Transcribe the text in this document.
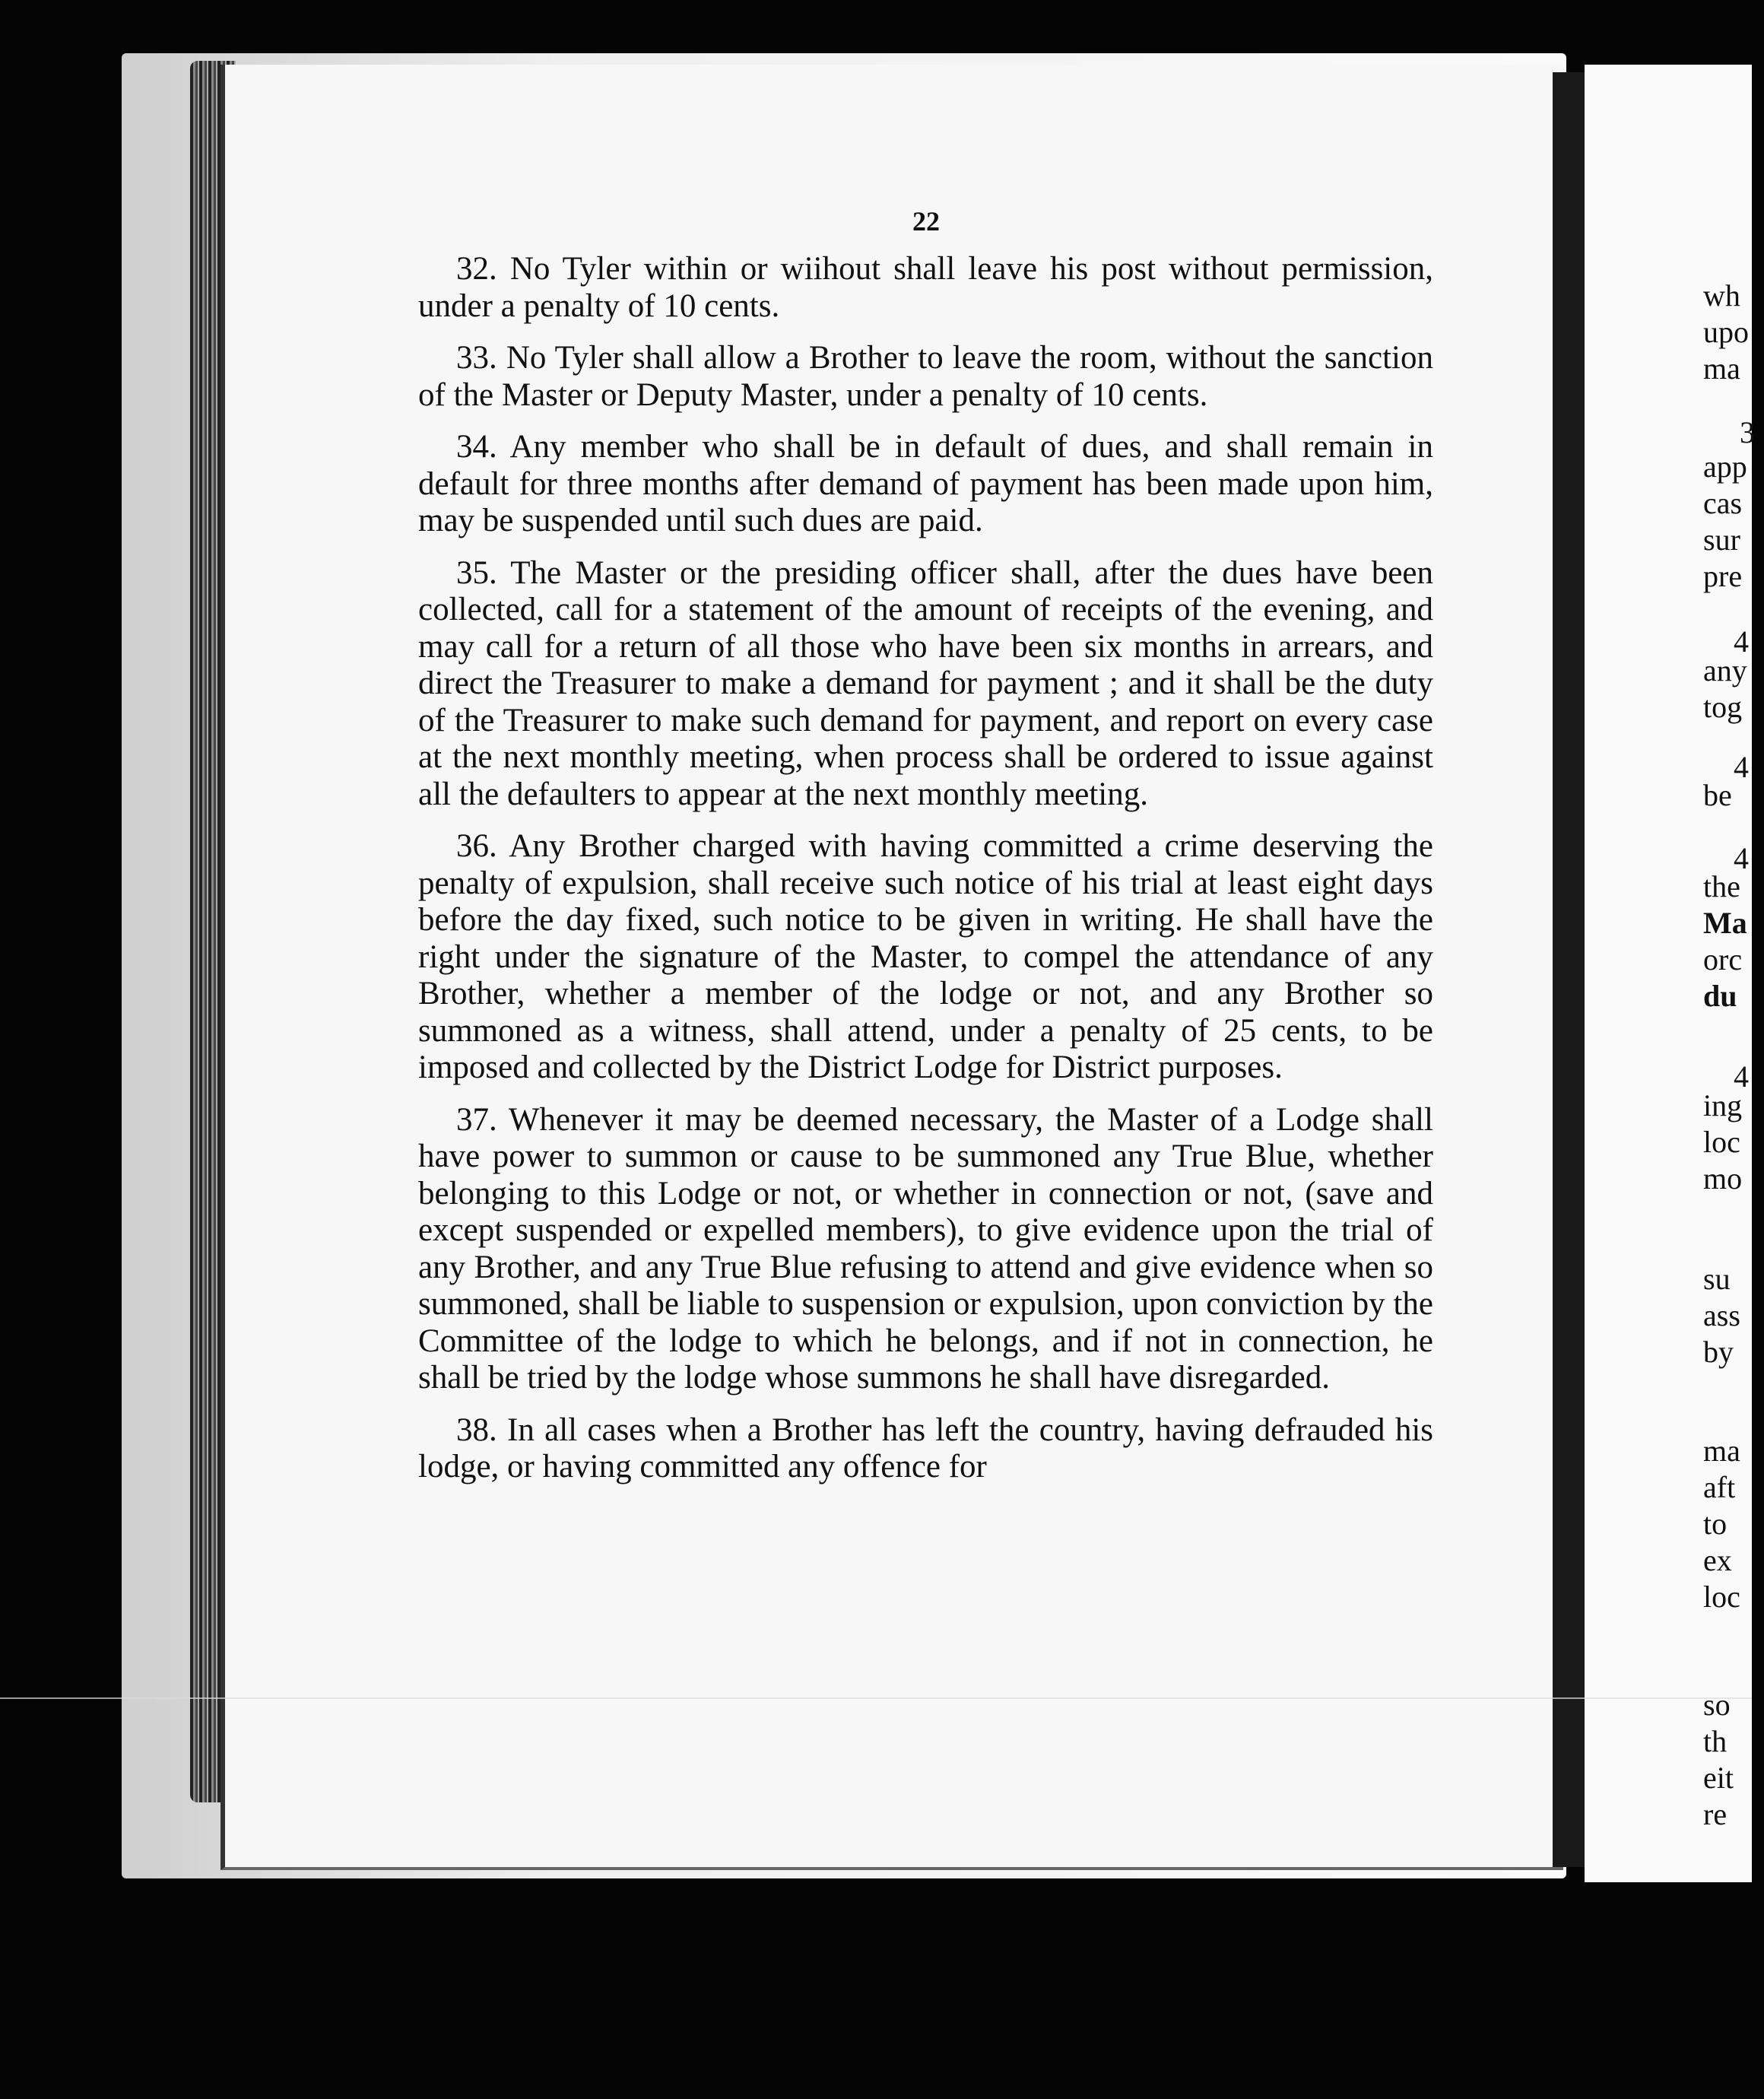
22

32. No Tyler within or wiihout shall leave his post without permission, under a penalty of 10 cents.

33. No Tyler shall allow a Brother to leave the room, without the sanction of the Master or Deputy Master, under a penalty of 10 cents.

34. Any member who shall be in default of dues, and shall remain in default for three months after demand of payment has been made upon him, may be suspended until such dues are paid.

35. The Master or the presiding officer shall, after the dues have been collected, call for a statement of the amount of receipts of the evening, and may call for a return of all those who have been six months in arrears, and direct the Treasurer to make a demand for payment ; and it shall be the duty of the Treasurer to make such demand for payment, and report on every case at the next monthly meeting, when process shall be ordered to issue against all the defaulters to appear at the next monthly meeting.

36. Any Brother charged with having committed a crime deserving the penalty of expulsion, shall receive such notice of his trial at least eight days before the day fixed, such notice to be given in writing. He shall have the right under the signature of the Master, to compel the attendance of any Brother, whether a member of the lodge or not, and any Brother so summoned as a witness, shall attend, under a penalty of 25 cents, to be imposed and collected by the District Lodge for District purposes.

37. Whenever it may be deemed necessary, the Master of a Lodge shall have power to summon or cause to be summoned any True Blue, whether belonging to this Lodge or not, or whether in connection or not, (save and except suspended or expelled members), to give evidence upon the trial of any Brother, and any True Blue refusing to attend and give evidence when so summoned, shall be liable to suspension or expulsion, upon conviction by the Committee of the lodge to which he belongs, and if not in connection, he shall be tried by the lodge whose summons he shall have disregarded.

38. In all cases when a Brother has left the country, having defrauded his lodge, or having committed any offence for

wh
upo
ma
3
app
cas
sur
pre
4
any
tog
4
be
4
the
Ma
orc
du
4
ing
loc
mo
su
ass
by
ma
aft
to
ex
loc
so
th
eit
re
